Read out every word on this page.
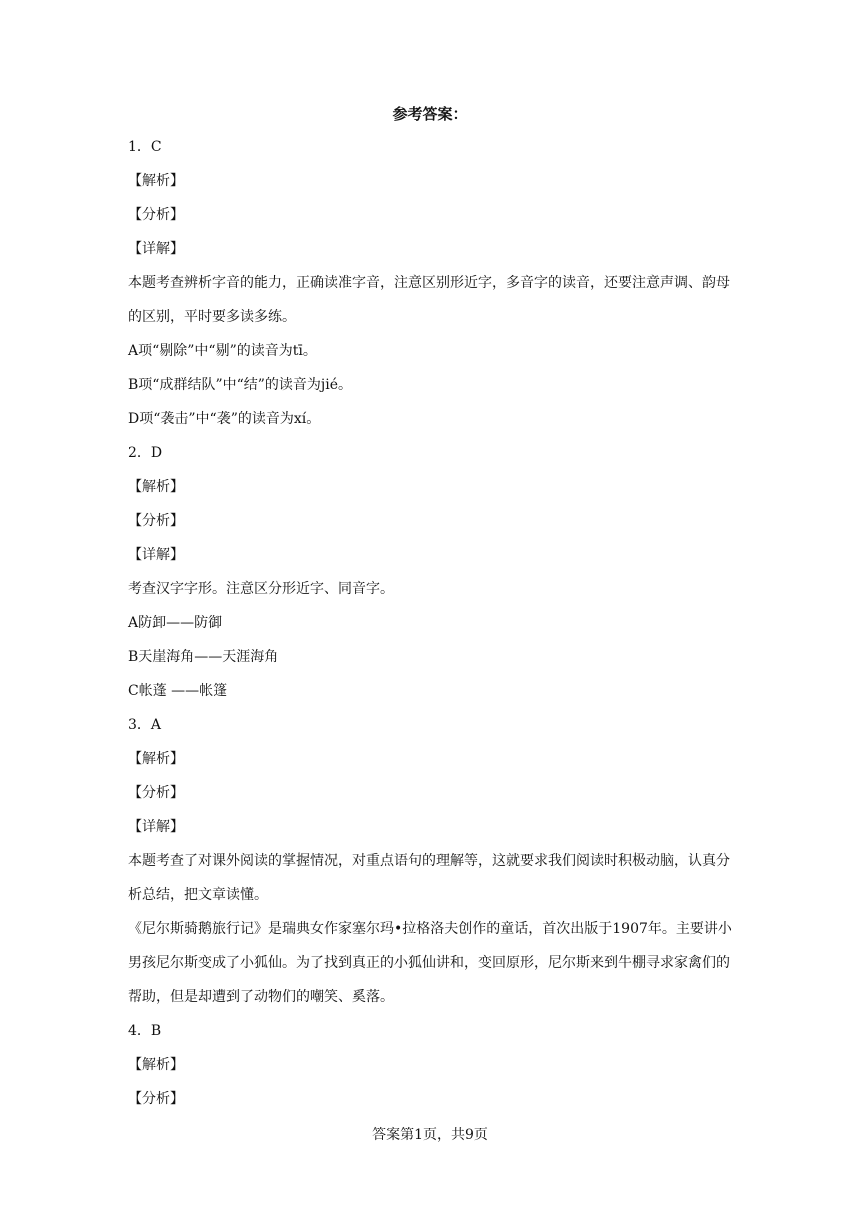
参考答案：
1．C
【解析】
【分析】
【详解】
本题考查辨析字音的能力，正确读准字音，注意区别形近字，多音字的读音，还要注意声调、韵母的区别，平时要多读多练。
A项“剔除”中“剔”的读音为tī。
B项“成群结队”中“结”的读音为jié。
D项“袭击”中“袭”的读音为xí。
2．D
【解析】
【分析】
【详解】
考查汉字字形。注意区分形近字、同音字。
A防卸——防御
B天崖海角——天涯海角
C帐蓬 ——帐篷
3．A
【解析】
【分析】
【详解】
本题考查了对课外阅读的掌握情况，对重点语句的理解等，这就要求我们阅读时积极动脑，认真分析总结，把文章读懂。
《尼尔斯骑鹅旅行记》是瑞典女作家塞尔玛•拉格洛夫创作的童话，首次出版于1907年。主要讲小男孩尼尔斯变成了小狐仙。为了找到真正的小狐仙讲和，变回原形，尼尔斯来到牛棚寻求家禽们的帮助，但是却遭到了动物们的嘲笑、奚落。
4．B
【解析】
【分析】
答案第1页，共9页
